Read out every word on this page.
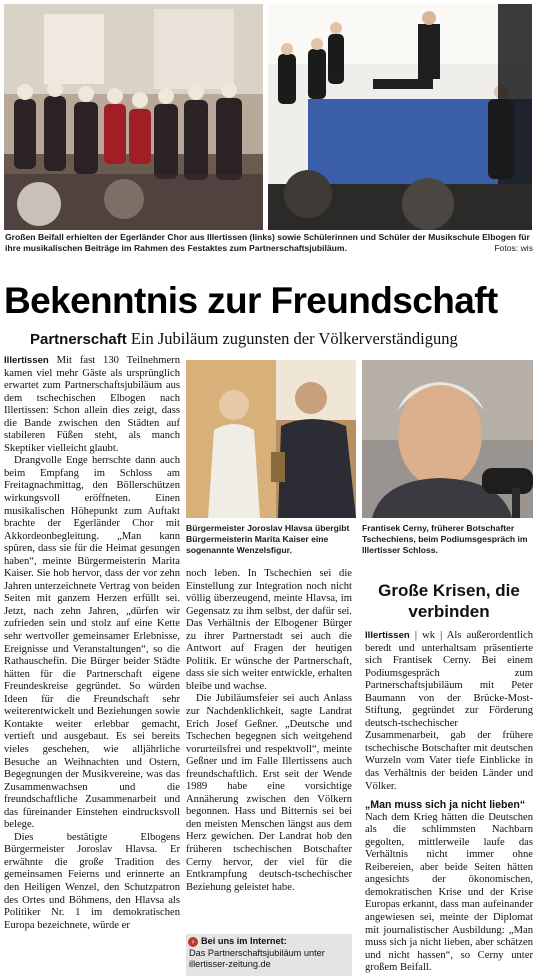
Großen Beifall erhielten der Egerländer Chor aus Illertissen (links) sowie Schülerinnen und Schüler der Musikschule Elbogen für
ihre musikalischen Beiträge im Rahmen des Festaktes zum Partnerschaftsjubiläum.	Fotos: wis
Bekenntnis zur Freundschaft
Partnerschaft Ein Jubiläum zugunsten der Völkerverständigung

Illertissen Mit fast 130 Teilnehmern kamen viel mehr Gäste als ursprünglich erwartet zum Partnerschaftsjubiläum aus dem tschechischen Elbogen nach Illertissen: Schon allein dies zeigt, dass die Bande zwischen den Städten auf stabileren Füßen steht, als manch Skeptiker vielleicht glaubt.

Drangvolle Enge herrschte dann auch beim Empfang im Schloss am Freitagnachmittag, den Böllerschützen wirkungsvoll eröffneten. Einen musikalischen Höhepunkt zum Auftakt brachte der Egerländer Chor mit Akkordeonbegleitung. „Man kann spüren, dass sie für die Heimat gesungen haben“, meinte Bürgermeisterin Marita Kaiser. Sie hob hervor, dass der vor zehn Jahren unterzeichnete Vertrag von beiden Seiten mit ganzem Herzen erfüllt sei. Jetzt, nach zehn Jahren, „dürfen wir zufrieden sein und stolz auf eine Kette sehr wertvoller gemeinsamer Erlebnisse, Ereignisse und Veranstaltungen“, so die Rathauschefin. Die Bürger beider Städte hätten für die Partnerschaft eigene Freundeskreise gegründet. So würden Ideen für die Freundschaft sehr weiterentwickelt und Beziehungen sowie Kontakte weiter erlebbar gemacht, vertieft und ausgebaut. Es sei bereits vieles geschehen, wie alljährliche Besuche an Weihnachten und Ostern, Begegnungen der Musikvereine, was das Zusammenwachsen und die freundschaftliche Zusammenarbeit und das füreinander Einstehen eindrucksvoll belege.

Dies bestätigte Elbogens Bürgermeister Joroslav Hlavsa. Er erwähnte die große Tradition des gemeinsamen Feierns und erinnerte an den Heiligen Wenzel, den Schutzpatron des Ortes und Böhmens, den Hlavsa als Politiker Nr. 1 im demokratischen Europa bezeichnete, würde er

Bürgermeister Joroslav Hlavsa übergibt Bürgermeisterin Marita Kaiser eine sogenannte Wenzelsfigur.
Frantisek Cerny, früherer Botschafter Tschechiens, beim Podiumsgespräch im Illertisser Schloss.

noch leben. In Tschechien sei die Einstellung zur Integration noch nicht völlig überzeugend, meinte Hlavsa, im Gegensatz zu ihm selbst, der dafür sei. Das Verhältnis der Elbogener Bürger zu ihrer Partnerstadt sei auch die Antwort auf Fragen der heutigen Politik. Er wünsche der Partnerschaft, dass sie sich weiter entwickle, erhalten bleibe und wachse.

Die Jubiläumsfeier sei auch Anlass zur Nachdenklichkeit, sagte Landrat Erich Josef Geßner. „Deutsche und Tschechen begegnen sich weitgehend vorurteilsfrei und respektvoll“, meinte Geßner und im Falle Illertissens auch freundschaftlich. Erst seit der Wende 1989 habe eine vorsichtige Annäherung zwischen den Völkern begonnen. Hass und Bitternis sei bei den meisten Menschen längst aus dem Herz gewichen. Der Landrat hob den früheren tschechischen Botschafter Cerny hervor, der viel für die Entkrampfung deutsch-tschechischer Beziehung geleistet habe.

› Bei uns im Internet:
Das Partnerschaftsjubiläum unter
illertisser-zeitung.de
Große Krisen, die verbinden

Illertissen | wk | Als außerordentlich beredt und unterhaltsam präsentierte sich Frantisek Cerny. Bei einem Podiumsgespräch zum Partnerschaftsjubiläum mit Peter Baumann von der Brücke-Most-Stiftung, gegründet zur Förderung deutsch-tschechischer Zusammenarbeit, gab der frühere tschechische Botschafter mit deutschen Wurzeln vom Vater tiefe Einblicke in das Verhältnis der beiden Länder und Völker.

„Man muss sich ja nicht lieben“

Nach dem Krieg hätten die Deutschen als die schlimmsten Nachbarn gegolten, mittlerweile laufe das Verhältnis nicht immer ohne Reibereien, aber beide Seiten hätten angesichts der ökonomischen, demokratischen Krise und der Krise Europas erkannt, dass man aufeinander angewiesen sei, meinte der Diplomat mit journalistischer Ausbildung: „Man muss sich ja nicht lieben, aber schätzen und nicht hassen“, so Cerny unter großem Beifall.
